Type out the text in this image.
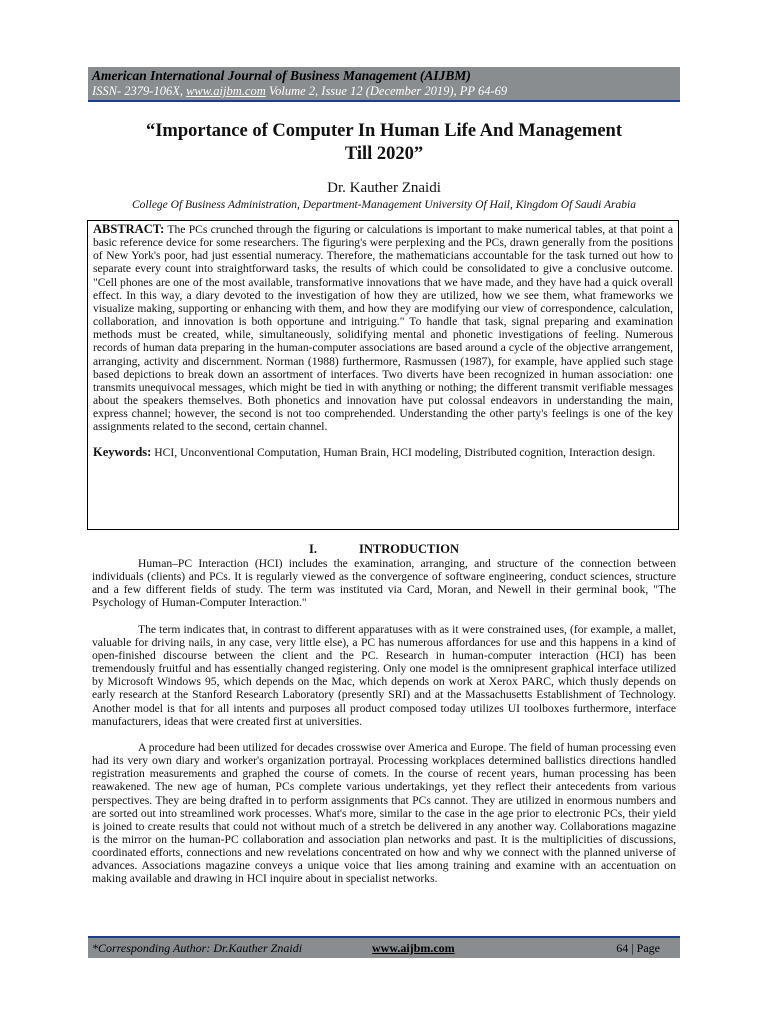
American International Journal of Business Management (AIJBM)
ISSN- 2379-106X, www.aijbm.com Volume 2, Issue 12 (December 2019), PP 64-69
“Importance of Computer In Human Life And Management
Till 2020”
Dr. Kauther Znaidi
College Of Business Administration, Department-Management University Of Hail, Kingdom Of Saudi Arabia
ABSTRACT: The PCs crunched through the figuring or calculations is important to make numerical tables, at that point a basic reference device for some researchers. The figuring's were perplexing and the PCs, drawn generally from the positions of New York's poor, had just essential numeracy. Therefore, the mathematicians accountable for the task turned out how to separate every count into straightforward tasks, the results of which could be consolidated to give a conclusive outcome. "Cell phones are one of the most available, transformative innovations that we have made, and they have had a quick overall effect. In this way, a diary devoted to the investigation of how they are utilized, how we see them, what frameworks we visualize making, supporting or enhancing with them, and how they are modifying our view of correspondence, calculation, collaboration, and innovation is both opportune and intriguing." To handle that task, signal preparing and examination methods must be created, while, simultaneously, solidifying mental and phonetic investigations of feeling. Numerous records of human data preparing in the human-computer associations are based around a cycle of the objective arrangement, arranging, activity and discernment. Norman (1988) furthermore, Rasmussen (1987), for example, have applied such stage based depictions to break down an assortment of interfaces. Two diverts have been recognized in human association: one transmits unequivocal messages, which might be tied in with anything or nothing; the different transmit verifiable messages about the speakers themselves. Both phonetics and innovation have put colossal endeavors in understanding the main, express channel; however, the second is not too comprehended. Understanding the other party's feelings is one of the key assignments related to the second, certain channel.
Keywords: HCI, Unconventional Computation, Human Brain, HCI modeling, Distributed cognition, Interaction design.
I.	INTRODUCTION

Human–PC Interaction (HCI) includes the examination, arranging, and structure of the connection between individuals (clients) and PCs. It is regularly viewed as the convergence of software engineering, conduct sciences, structure and a few different fields of study. The term was instituted via Card, Moran, and Newell in their germinal book, "The Psychology of Human-Computer Interaction."

The term indicates that, in contrast to different apparatuses with as it were constrained uses, (for example, a mallet, valuable for driving nails, in any case, very little else), a PC has numerous affordances for use and this happens in a kind of open-finished discourse between the client and the PC. Research in human-computer interaction (HCI) has been tremendously fruitful and has essentially changed registering. Only one model is the omnipresent graphical interface utilized by Microsoft Windows 95, which depends on the Mac, which depends on work at Xerox PARC, which thusly depends on early research at the Stanford Research Laboratory (presently SRI) and at the Massachusetts Establishment of Technology. Another model is that for all intents and purposes all product composed today utilizes UI toolboxes furthermore, interface manufacturers, ideas that were created first at universities.

A procedure had been utilized for decades crosswise over America and Europe. The field of human processing even had its very own diary and worker's organization portrayal. Processing workplaces determined ballistics directions handled registration measurements and graphed the course of comets. In the course of recent years, human processing has been reawakened. The new age of human, PCs complete various undertakings, yet they reflect their antecedents from various perspectives. They are being drafted in to perform assignments that PCs cannot. They are utilized in enormous numbers and are sorted out into streamlined work processes. What's more, similar to the case in the age prior to electronic PCs, their yield is joined to create results that could not without much of a stretch be delivered in any another way. Collaborations magazine is the mirror on the human-PC collaboration and association plan networks and past. It is the multiplicities of discussions, coordinated efforts, connections and new revelations concentrated on how and why we connect with the planned universe of advances. Associations magazine conveys a unique voice that lies among training and examine with an accentuation on making available and drawing in HCI inquire about in specialist networks.

*Corresponding Author: Dr.Kauther Znaidi	www.aijbm.com	64 | Page
